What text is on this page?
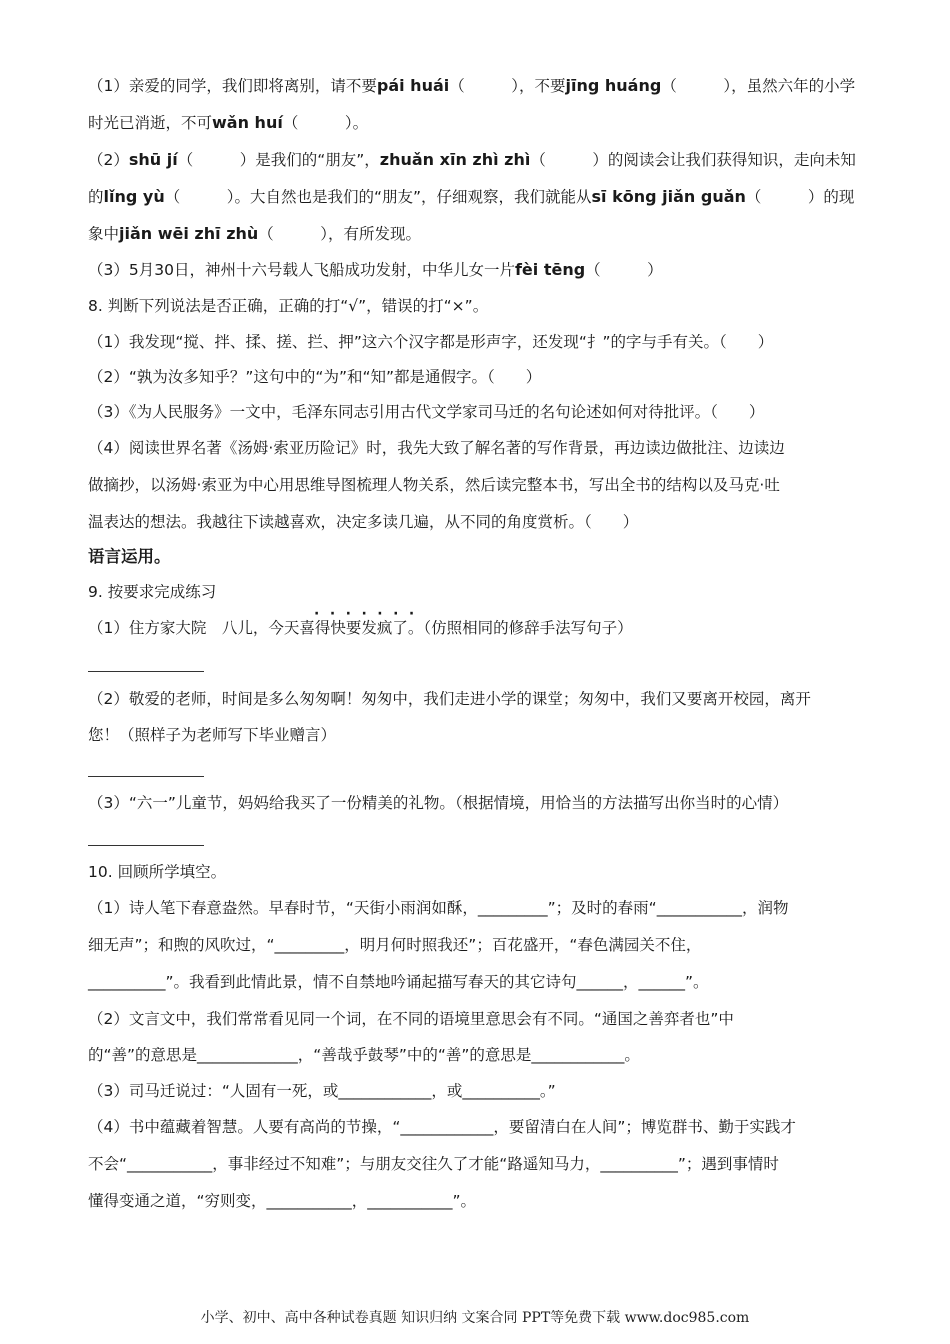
（1）亲爱的同学，我们即将离别，请不要pái huái（　　　），不要jīng huáng（　　　），虽然六年的小学
时光已消逝，不可wǎn huí（　　　）。
（2）shū jí（　　　）是我们的“朋友”，zhuǎn xīn zhì zhì（　　　）的阅读会让我们获得知识，走向未知
的lǐng yù（　　　）。大自然也是我们的“朋友”，仔细观察，我们就能从sī kōng jiǎn guǎn（　　　）的现
象中jiǎn wēi zhī zhù（　　　），有所发现。
（3）5月30日，神州十六号载人飞船成功发射，中华儿女一片fèi tēng（　　　）
8. 判断下列说法是否正确，正确的打“√”，错误的打“×”。
（1）我发现“搅、拌、揉、搓、拦、押”这六个汉字都是形声字，还发现“扌”的字与手有关。（　　）
（2）“孰为汝多知乎？”这句中的“为”和“知”都是通假字。（　　）
（3）《为人民服务》一文中，毛泽东同志引用古代文学家司马迁的名句论述如何对待批评。（　　）
（4）阅读世界名著《汤姆·索亚历险记》时，我先大致了解名著的写作背景，再边读边做批注、边读边
做摘抄，以汤姆·索亚为中心用思维导图梳理人物关系，然后读完整本书，写出全书的结构以及马克·吐
温表达的想法。我越往下读越喜欢，决定多读几遍，从不同的角度赏析。（　　）
语言运用。
9. 按要求完成练习
·······
（1）住方家大院　八儿，今天喜得快要发疯了。（仿照相同的修辞手法写句子）
（2）敬爱的老师，时间是多么匆匆啊！匆匆中，我们走进小学的课堂；匆匆中，我们又要离开校园，离开
您！（照样子为老师写下毕业赠言）
（3）“六一”儿童节，妈妈给我买了一份精美的礼物。（根据情境，用恰当的方法描写出你当时的心情）
10. 回顾所学填空。
（1）诗人笔下春意盎然。早春时节，“天街小雨润如酥，_________”；及时的春雨“___________，润物
细无声”；和煦的风吹过，“_________，明月何时照我还”；百花盛开，“春色满园关不住，
__________”。我看到此情此景，情不自禁地吟诵起描写春天的其它诗句______，______”。
（2）文言文中，我们常常看见同一个词，在不同的语境里意思会有不同。“通国之善弈者也”中
的“善”的意思是_____________，“善哉乎鼓琴”中的“善”的意思是____________。
（3）司马迁说过：“人固有一死，或____________，或__________。”
（4）书中蕴藏着智慧。人要有高尚的节操，“____________，要留清白在人间”；博览群书、勤于实践才
不会“___________，事非经过不知难”；与朋友交往久了才能“路遥知马力，__________”；遇到事情时
懂得变通之道，“穷则变，___________，___________”。
小学、初中、高中各种试卷真题 知识归纳 文案合同 PPT等免费下载 www.doc985.com
